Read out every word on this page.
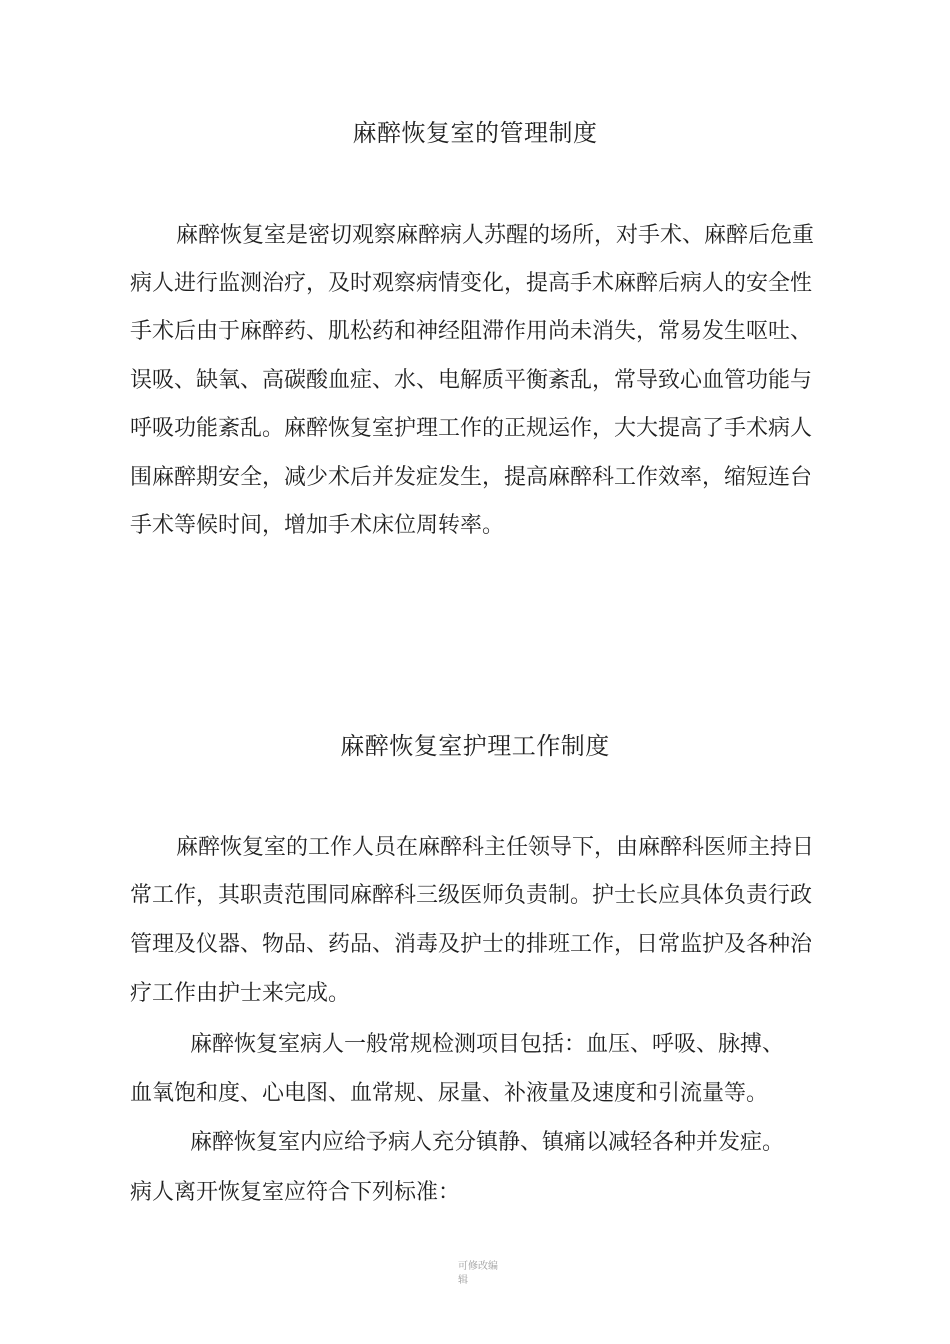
麻醉恢复室的管理制度

麻醉恢复室是密切观察麻醉病人苏醒的场所，对手术、麻醉后危重

病人进行监测治疗，及时观察病情变化，提高手术麻醉后病人的安全性

手术后由于麻醉药、肌松药和神经阻滞作用尚未消失，常易发生呕吐、

误吸、缺氧、高碳酸血症、水、电解质平衡紊乱，常导致心血管功能与

呼吸功能紊乱。麻醉恢复室护理工作的正规运作，大大提高了手术病人

围麻醉期安全，减少术后并发症发生，提高麻醉科工作效率，缩短连台

手术等候时间，增加手术床位周转率。

麻醉恢复室护理工作制度

麻醉恢复室的工作人员在麻醉科主任领导下，由麻醉科医师主持日

常工作，其职责范围同麻醉科三级医师负责制。护士长应具体负责行政

管理及仪器、物品、药品、消毒及护士的排班工作，日常监护及各种治

疗工作由护士来完成。

麻醉恢复室病人一般常规检测项目包括：血压、呼吸、脉搏、

血氧饱和度、心电图、血常规、尿量、补液量及速度和引流量等。

麻醉恢复室内应给予病人充分镇静、镇痛以减轻各种并发症。

病人离开恢复室应符合下列标准：

可修改编
辑
